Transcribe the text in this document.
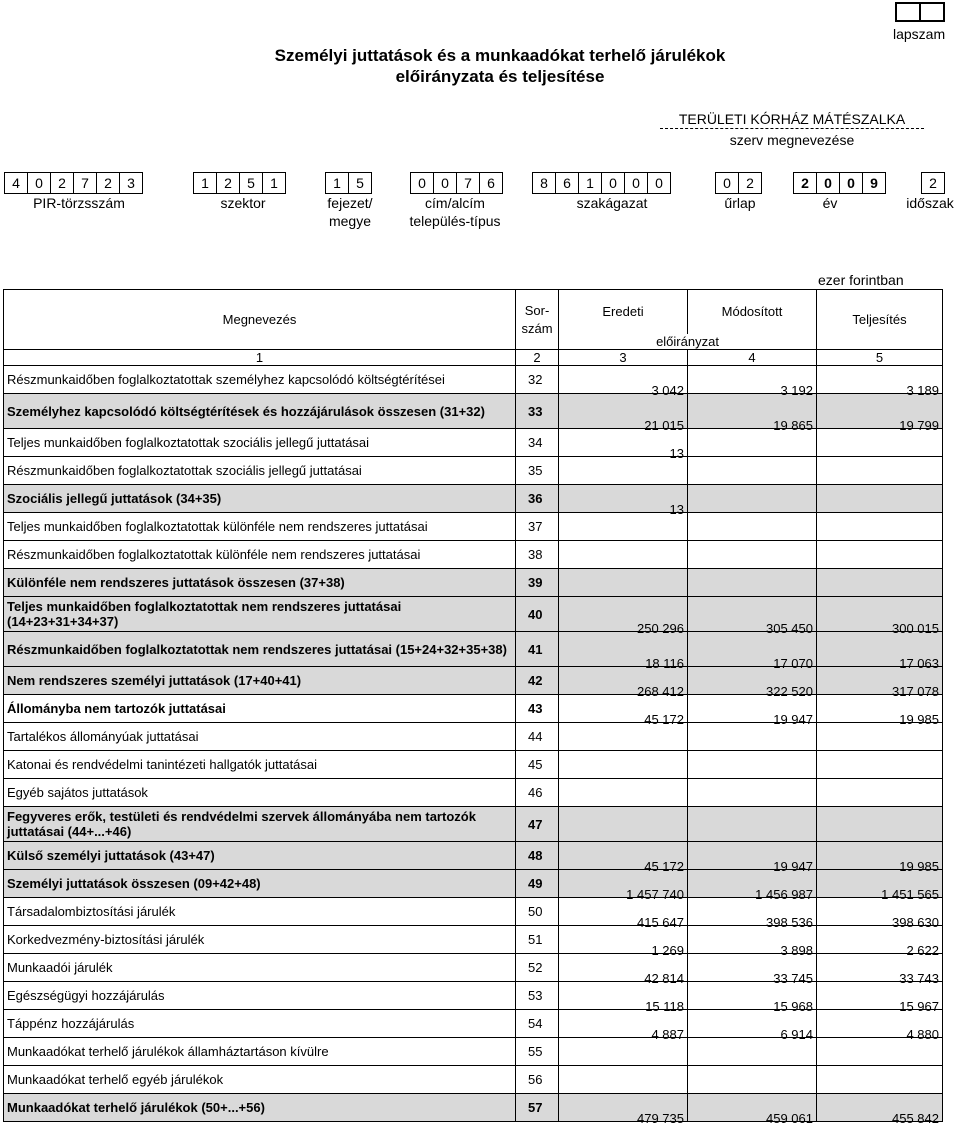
lapszam
Személyi juttatások és a munkaadókat terhelő járulékok
előirányzata és teljesítése
TERÜLETI KÓRHÁZ MÁTÉSZALKA
szerv megnevezése
4	0	2	7	2	3	1	2	5	1	1	5	0	0	7	6	8	6	1	0	0	0	0	2	2	0	0	9	2
ezer forintban
Megnevezés	Sor-
szám	Eredeti	Módosított	Teljesítés
		előirányzat		
1	2	3	4	5
Részmunkaidőben foglalkoztatottak személyhez kapcsolódó költségtérítései	32	3 042	3 192	3 189
Személyhez kapcsolódó költségtérítések és hozzájárulások összesen (31+32)	33	21 015	19 865	19 799
Teljes munkaidőben foglalkoztatottak szociális jellegű juttatásai	34	13		
Részmunkaidőben foglalkoztatottak szociális jellegű juttatásai	35			
Szociális jellegű juttatások (34+35)	36	13		
Teljes munkaidőben foglalkoztatottak különféle nem rendszeres juttatásai	37			
Részmunkaidőben foglalkoztatottak különféle nem rendszeres juttatásai	38			
Különféle nem rendszeres juttatások összesen (37+38)	39			
Teljes munkaidőben foglalkoztatottak nem rendszeres juttatásai (14+23+31+34+37)	40	250 296	305 450	300 015
Részmunkaidőben foglalkoztatottak nem rendszeres juttatásai (15+24+32+35+38)	41	18 116	17 070	17 063
Nem rendszeres személyi juttatások (17+40+41)	42	268 412	322 520	317 078
Állományba nem tartozók juttatásai	43	45 172	19 947	19 985
Tartalékos állományúak juttatásai	44			
Katonai és rendvédelmi tanintézeti hallgatók juttatásai	45			
Egyéb sajátos juttatások	46			
Fegyveres erők, testületi és rendvédelmi szervek állományába nem tartozók juttatásai (44+...+46)	47			
Külső személyi juttatások (43+47)	48	45 172	19 947	19 985
Személyi juttatások összesen (09+42+48)	49	1 457 740	1 456 987	1 451 565
Társadalombiztosítási járulék	50	415 647	398 536	398 630
Korkedvezmény-biztosítási járulék	51	1 269	3 898	2 622
Munkaadói járulék	52	42 814	33 745	33 743
Egészségügyi hozzájárulás	53	15 118	15 968	15 967
Táppénz hozzájárulás	54	4 887	6 914	4 880
Munkaadókat terhelő járulékok államháztartáson kívülre	55			
Munkaadókat terhelő egyéb járulékok	56			
Munkaadókat terhelő járulékok (50+...+56)	57	479 735	459 061	455 842
PIR-törzsszám	szektor	fejezet/
megye
cím/alcím
település-típus
szakágazat	űrlap	év	időszak
